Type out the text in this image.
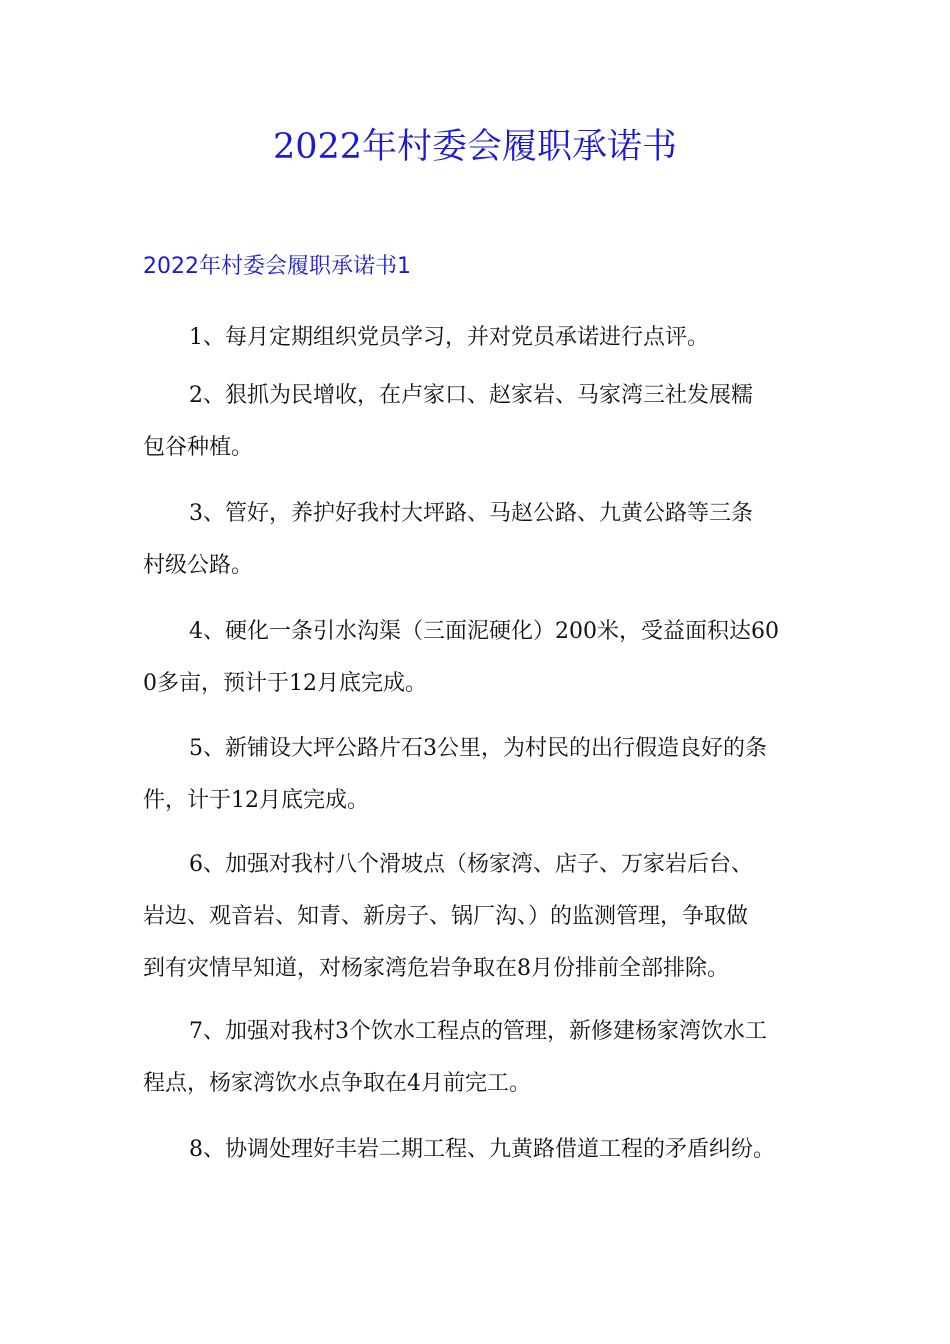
2022年村委会履职承诺书
2022年村委会履职承诺书1

1、每月定期组织党员学习，并对党员承诺进行点评。

2、狠抓为民增收，在卢家口、赵家岩、马家湾三社发展糯
包谷种植。

3、管好，养护好我村大坪路、马赵公路、九黄公路等三条
村级公路。

4、硬化一条引水沟渠（三面泥硬化）200米，受益面积达60
0多亩，预计于12月底完成。

5、新铺设大坪公路片石3公里，为村民的出行假造良好的条
件，计于12月底完成。

6、加强对我村八个滑坡点（杨家湾、店子、万家岩后台、
岩边、观音岩、知青、新房子、锅厂沟、）的监测管理，争取做
到有灾情早知道，对杨家湾危岩争取在8月份排前全部排除。

7、加强对我村3个饮水工程点的管理，新修建杨家湾饮水工
程点，杨家湾饮水点争取在4月前完工。

8、协调处理好丰岩二期工程、九黄路借道工程的矛盾纠纷。
